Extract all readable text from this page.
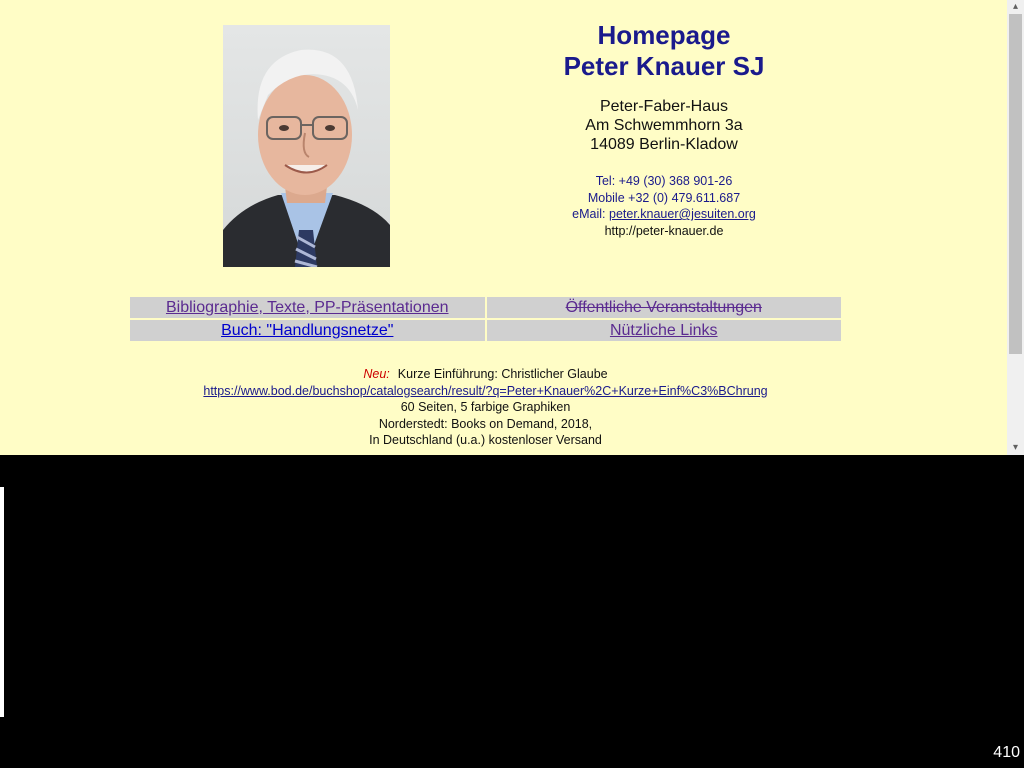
Homepage
Peter Knauer SJ
Peter-Faber-Haus
Am Schwemmhorn 3a
14089 Berlin-Kladow
Tel: +49 (30) 368 901-26
Mobile +32 (0) 479.611.687
eMail: peter.knauer@jesuiten.org
http://peter-knauer.de
Bibliographie, Texte, PP-Präsentationen	Öffentliche Veranstaltungen
Buch: "Handlungsnetze"	Nützliche Links
Neu: Kurze Einführung: Christlicher Glaube
https://www.bod.de/buchshop/catalogsearch/result/?q=Peter+Knauer%2C+Kurze+Einf%C3%BChrung
60 Seiten, 5 farbige Graphiken
Norderstedt: Books on Demand, 2018,
In Deutschland (u.a.) kostenloser Versand
▴
▾
410
